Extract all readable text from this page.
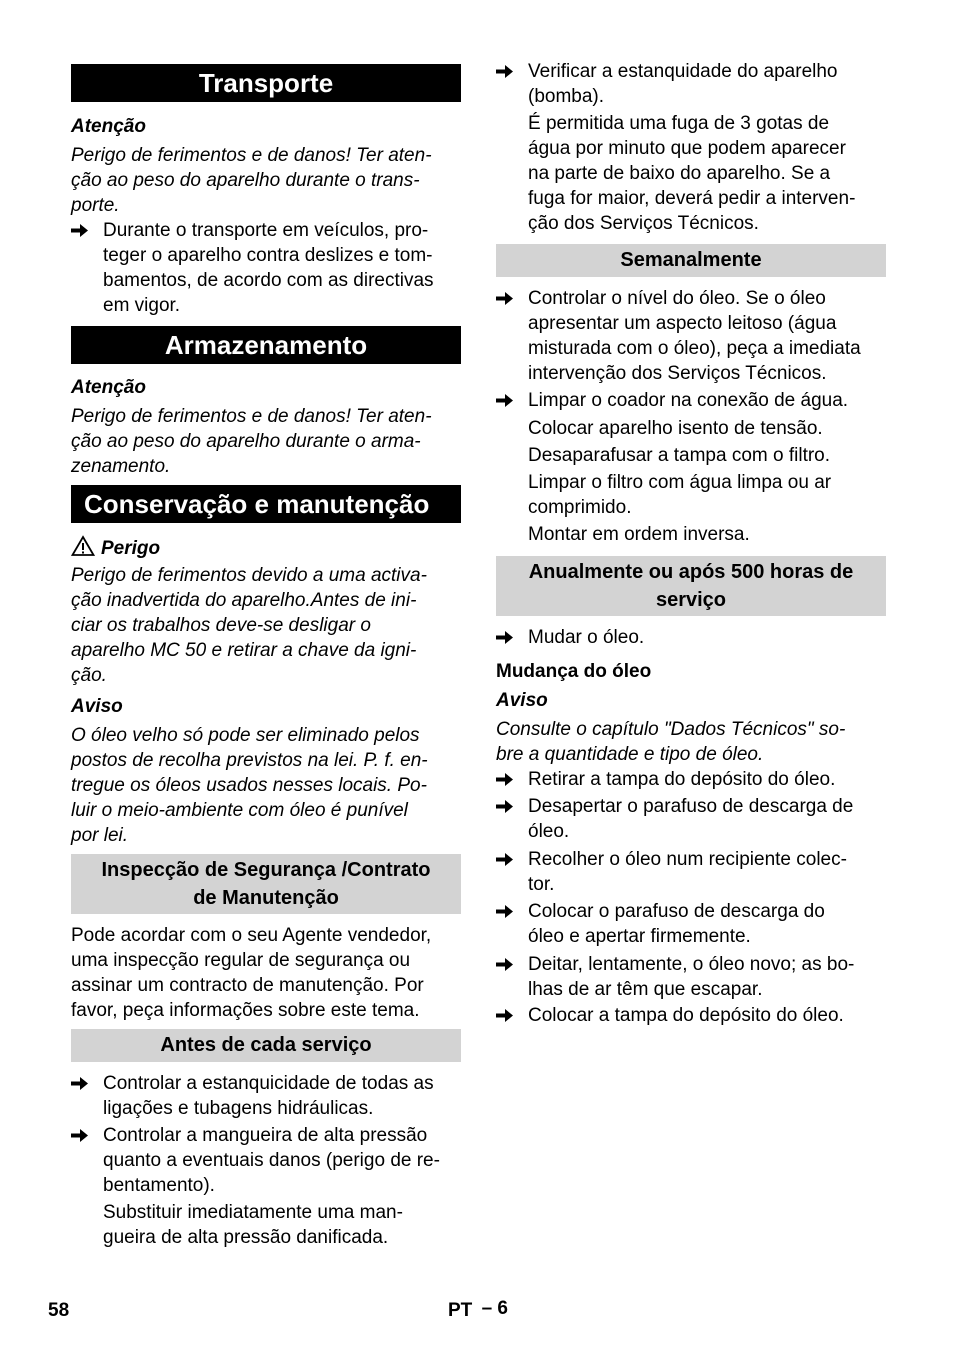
Transporte
Atenção
Perigo de ferimentos e de danos! Ter aten-
ção ao peso do aparelho durante o trans-
porte.
Durante o transporte em veículos, pro-
teger o aparelho contra deslizes e tom-
bamentos, de acordo com as directivas
em vigor.
Armazenamento
Atenção
Perigo de ferimentos e de danos! Ter aten-
ção ao peso do aparelho durante o arma-
zenamento.
Conservação e manutenção
Perigo
Perigo de ferimentos devido a uma activa-
ção inadvertida do aparelho.Antes de ini-
ciar os trabalhos deve-se desligar o
aparelho MC 50 e retirar a chave da igni-
ção.
Aviso
O óleo velho só pode ser eliminado pelos
postos de recolha previstos na lei. P. f. en-
tregue os óleos usados nesses locais. Po-
luir o meio-ambiente com óleo é punível
por lei.
Inspecção de Segurança /Contrato
de Manutenção
Pode acordar com o seu Agente vendedor,
uma inspecção regular de segurança ou
assinar um contracto de manutenção. Por
favor, peça informações sobre este tema.
Antes de cada serviço
Controlar a estanquicidade de todas as
ligações e tubagens hidráulicas.
Controlar a mangueira de alta pressão
quanto a eventuais danos (perigo de re-
bentamento).
Substituir imediatamente uma man-
gueira de alta pressão danificada.
Verificar a estanquidade do aparelho
(bomba).
É permitida uma fuga de 3 gotas de
água por minuto que podem aparecer
na parte de baixo do aparelho. Se a
fuga for maior, deverá pedir a interven-
ção dos Serviços Técnicos.
Semanalmente
Controlar o nível do óleo. Se o óleo
apresentar um aspecto leitoso (água
misturada com o óleo), peça a imediata
intervenção dos Serviços Técnicos.
Limpar o coador na conexão de água.
Colocar aparelho isento de tensão.
Desaparafusar a tampa com o filtro.
Limpar o filtro com água limpa ou ar
comprimido.
Montar em ordem inversa.
Anualmente ou após 500 horas de
serviço
Mudar o óleo.
Mudança do óleo
Aviso
Consulte o capítulo "Dados Técnicos" so-
bre a quantidade e tipo de óleo.
Retirar a tampa do depósito do óleo.
Desapertar o parafuso de descarga de
óleo.
Recolher o óleo num recipiente colec-
tor.
Colocar o parafuso de descarga do
óleo e apertar firmemente.
Deitar, lentamente, o óleo novo; as bo-
lhas de ar têm que escapar.
Colocar a tampa do depósito do óleo.
58	PT – 6
